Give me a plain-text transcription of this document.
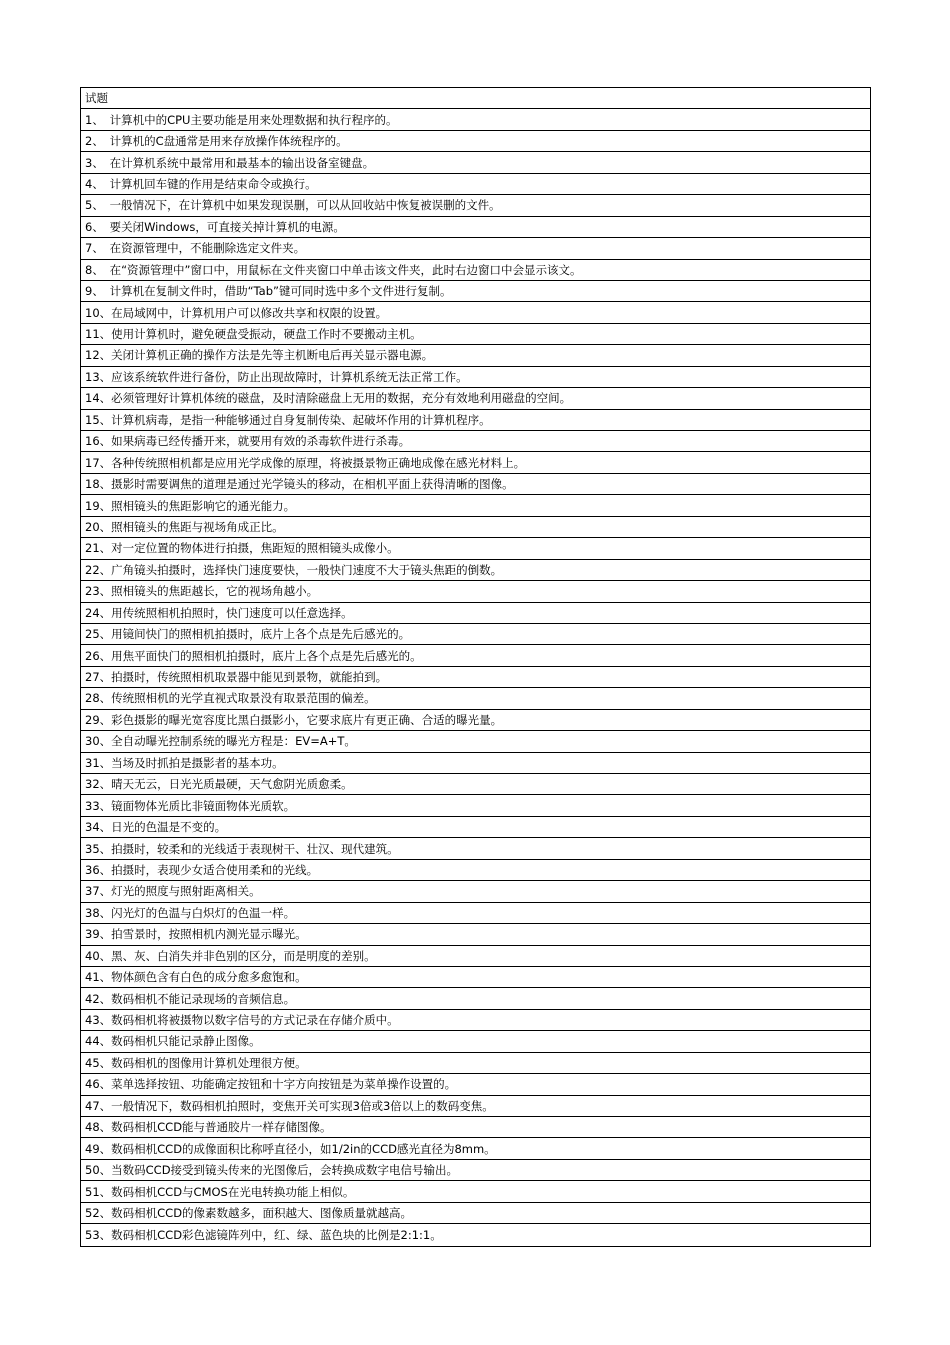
试题
1、　计算机中的CPU主要功能是用来处理数据和执行程序的。
2、　计算机的C盘通常是用来存放操作体统程序的。
3、　在计算机系统中最常用和最基本的输出设备室键盘。
4、　计算机回车键的作用是结束命令或换行。
5、　一般情况下，在计算机中如果发现误删，可以从回收站中恢复被误删的文件。
6、　要关闭Windows，可直接关掉计算机的电源。
7、　在资源管理中，不能删除选定文件夹。
8、　在“资源管理中”窗口中，用鼠标在文件夹窗口中单击该文件夹，此时右边窗口中会显示该文。
9、　计算机在复制文件时，借助“Tab”键可同时选中多个文件进行复制。
10、在局域网中，计算机用户可以修改共享和权限的设置。
11、使用计算机时，避免硬盘受振动，硬盘工作时不要搬动主机。
12、关闭计算机正确的操作方法是先等主机断电后再关显示器电源。
13、应该系统软件进行备份，防止出现故障时，计算机系统无法正常工作。
14、必须管理好计算机体统的磁盘，及时清除磁盘上无用的数据，充分有效地利用磁盘的空间。
15、计算机病毒，是指一种能够通过自身复制传染、起破坏作用的计算机程序。
16、如果病毒已经传播开来，就要用有效的杀毒软件进行杀毒。
17、各种传统照相机都是应用光学成像的原理，将被摄景物正确地成像在感光材料上。
18、摄影时需要调焦的道理是通过光学镜头的移动，在相机平面上获得清晰的图像。
19、照相镜头的焦距影响它的通光能力。
20、照相镜头的焦距与视场角成正比。
21、对一定位置的物体进行拍摄，焦距短的照相镜头成像小。
22、广角镜头拍摄时，选择快门速度要快，一般快门速度不大于镜头焦距的倒数。
23、照相镜头的焦距越长，它的视场角越小。
24、用传统照相机拍照时，快门速度可以任意选择。
25、用镜间快门的照相机拍摄时，底片上各个点是先后感光的。
26、用焦平面快门的照相机拍摄时，底片上各个点是先后感光的。
27、拍摄时，传统照相机取景器中能见到景物，就能拍到。
28、传统照相机的光学直视式取景没有取景范围的偏差。
29、彩色摄影的曝光宽容度比黑白摄影小，它要求底片有更正确、合适的曝光量。
30、全自动曝光控制系统的曝光方程是：EV=A+T。
31、当场及时抓拍是摄影者的基本功。
32、晴天无云，日光光质最硬，天气愈阴光质愈柔。
33、镜面物体光质比非镜面物体光质软。
34、日光的色温是不变的。
35、拍摄时，较柔和的光线适于表现树干、壮汉、现代建筑。
36、拍摄时，表现少女适合使用柔和的光线。
37、灯光的照度与照射距离相关。
38、闪光灯的色温与白炽灯的色温一样。
39、拍雪景时，按照相机内测光显示曝光。
40、黑、灰、白消失并非色别的区分，而是明度的差别。
41、物体颜色含有白色的成分愈多愈饱和。
42、数码相机不能记录现场的音频信息。
43、数码相机将被摄物以数字信号的方式记录在存储介质中。
44、数码相机只能记录静止图像。
45、数码相机的图像用计算机处理很方便。
46、菜单选择按钮、功能确定按钮和十字方向按钮是为菜单操作设置的。
47、一般情况下，数码相机拍照时，变焦开关可实现3倍或3倍以上的数码变焦。
48、数码相机CCD能与普通胶片一样存储图像。
49、数码相机CCD的成像面积比称呼直径小，如1/2in的CCD感光直径为8mm。
50、当数码CCD接受到镜头传来的光图像后，会转换成数字电信号输出。
51、数码相机CCD与CMOS在光电转换功能上相似。
52、数码相机CCD的像素数越多，面积越大、图像质量就越高。
53、数码相机CCD彩色滤镜阵列中，红、绿、蓝色块的比例是2:1:1。
